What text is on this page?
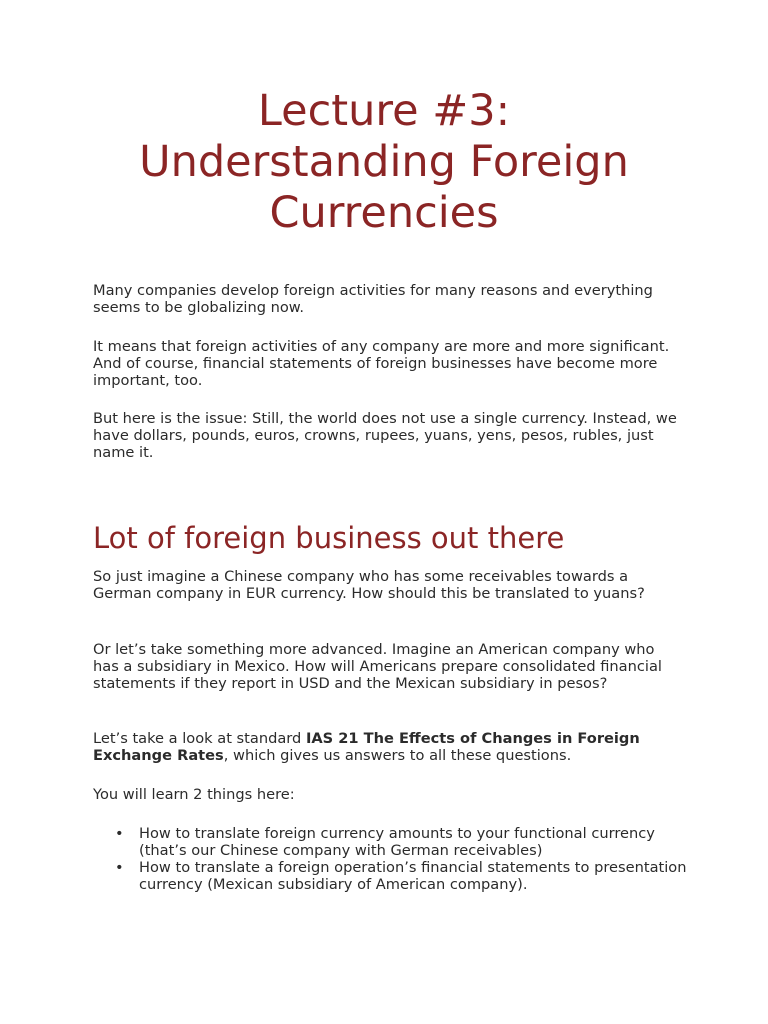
Lecture #3:
Understanding Foreign
Currencies

Many companies develop foreign activities for many reasons and everything seems to be globalizing now.

It means that foreign activities of any company are more and more significant. And of course, financial statements of foreign businesses have become more important, too.

But here is the issue: Still, the world does not use a single currency. Instead, we have dollars, pounds, euros, crowns, rupees, yuans, yens, pesos, rubles, just name it.

Lot of foreign business out there

So just imagine a Chinese company who has some receivables towards a German company in EUR currency. How should this be translated to yuans?

Or let’s take something more advanced. Imagine an American company who has a subsidiary in Mexico. How will Americans prepare consolidated financial statements if they report in USD and the Mexican subsidiary in pesos?

Let’s take a look at standard IAS 21 The Effects of Changes in Foreign Exchange Rates, which gives us answers to all these questions.

You will learn 2 things here:

• How to translate foreign currency amounts to your functional currency (that’s our Chinese company with German receivables)
• How to translate a foreign operation’s financial statements to presentation currency (Mexican subsidiary of American company).
